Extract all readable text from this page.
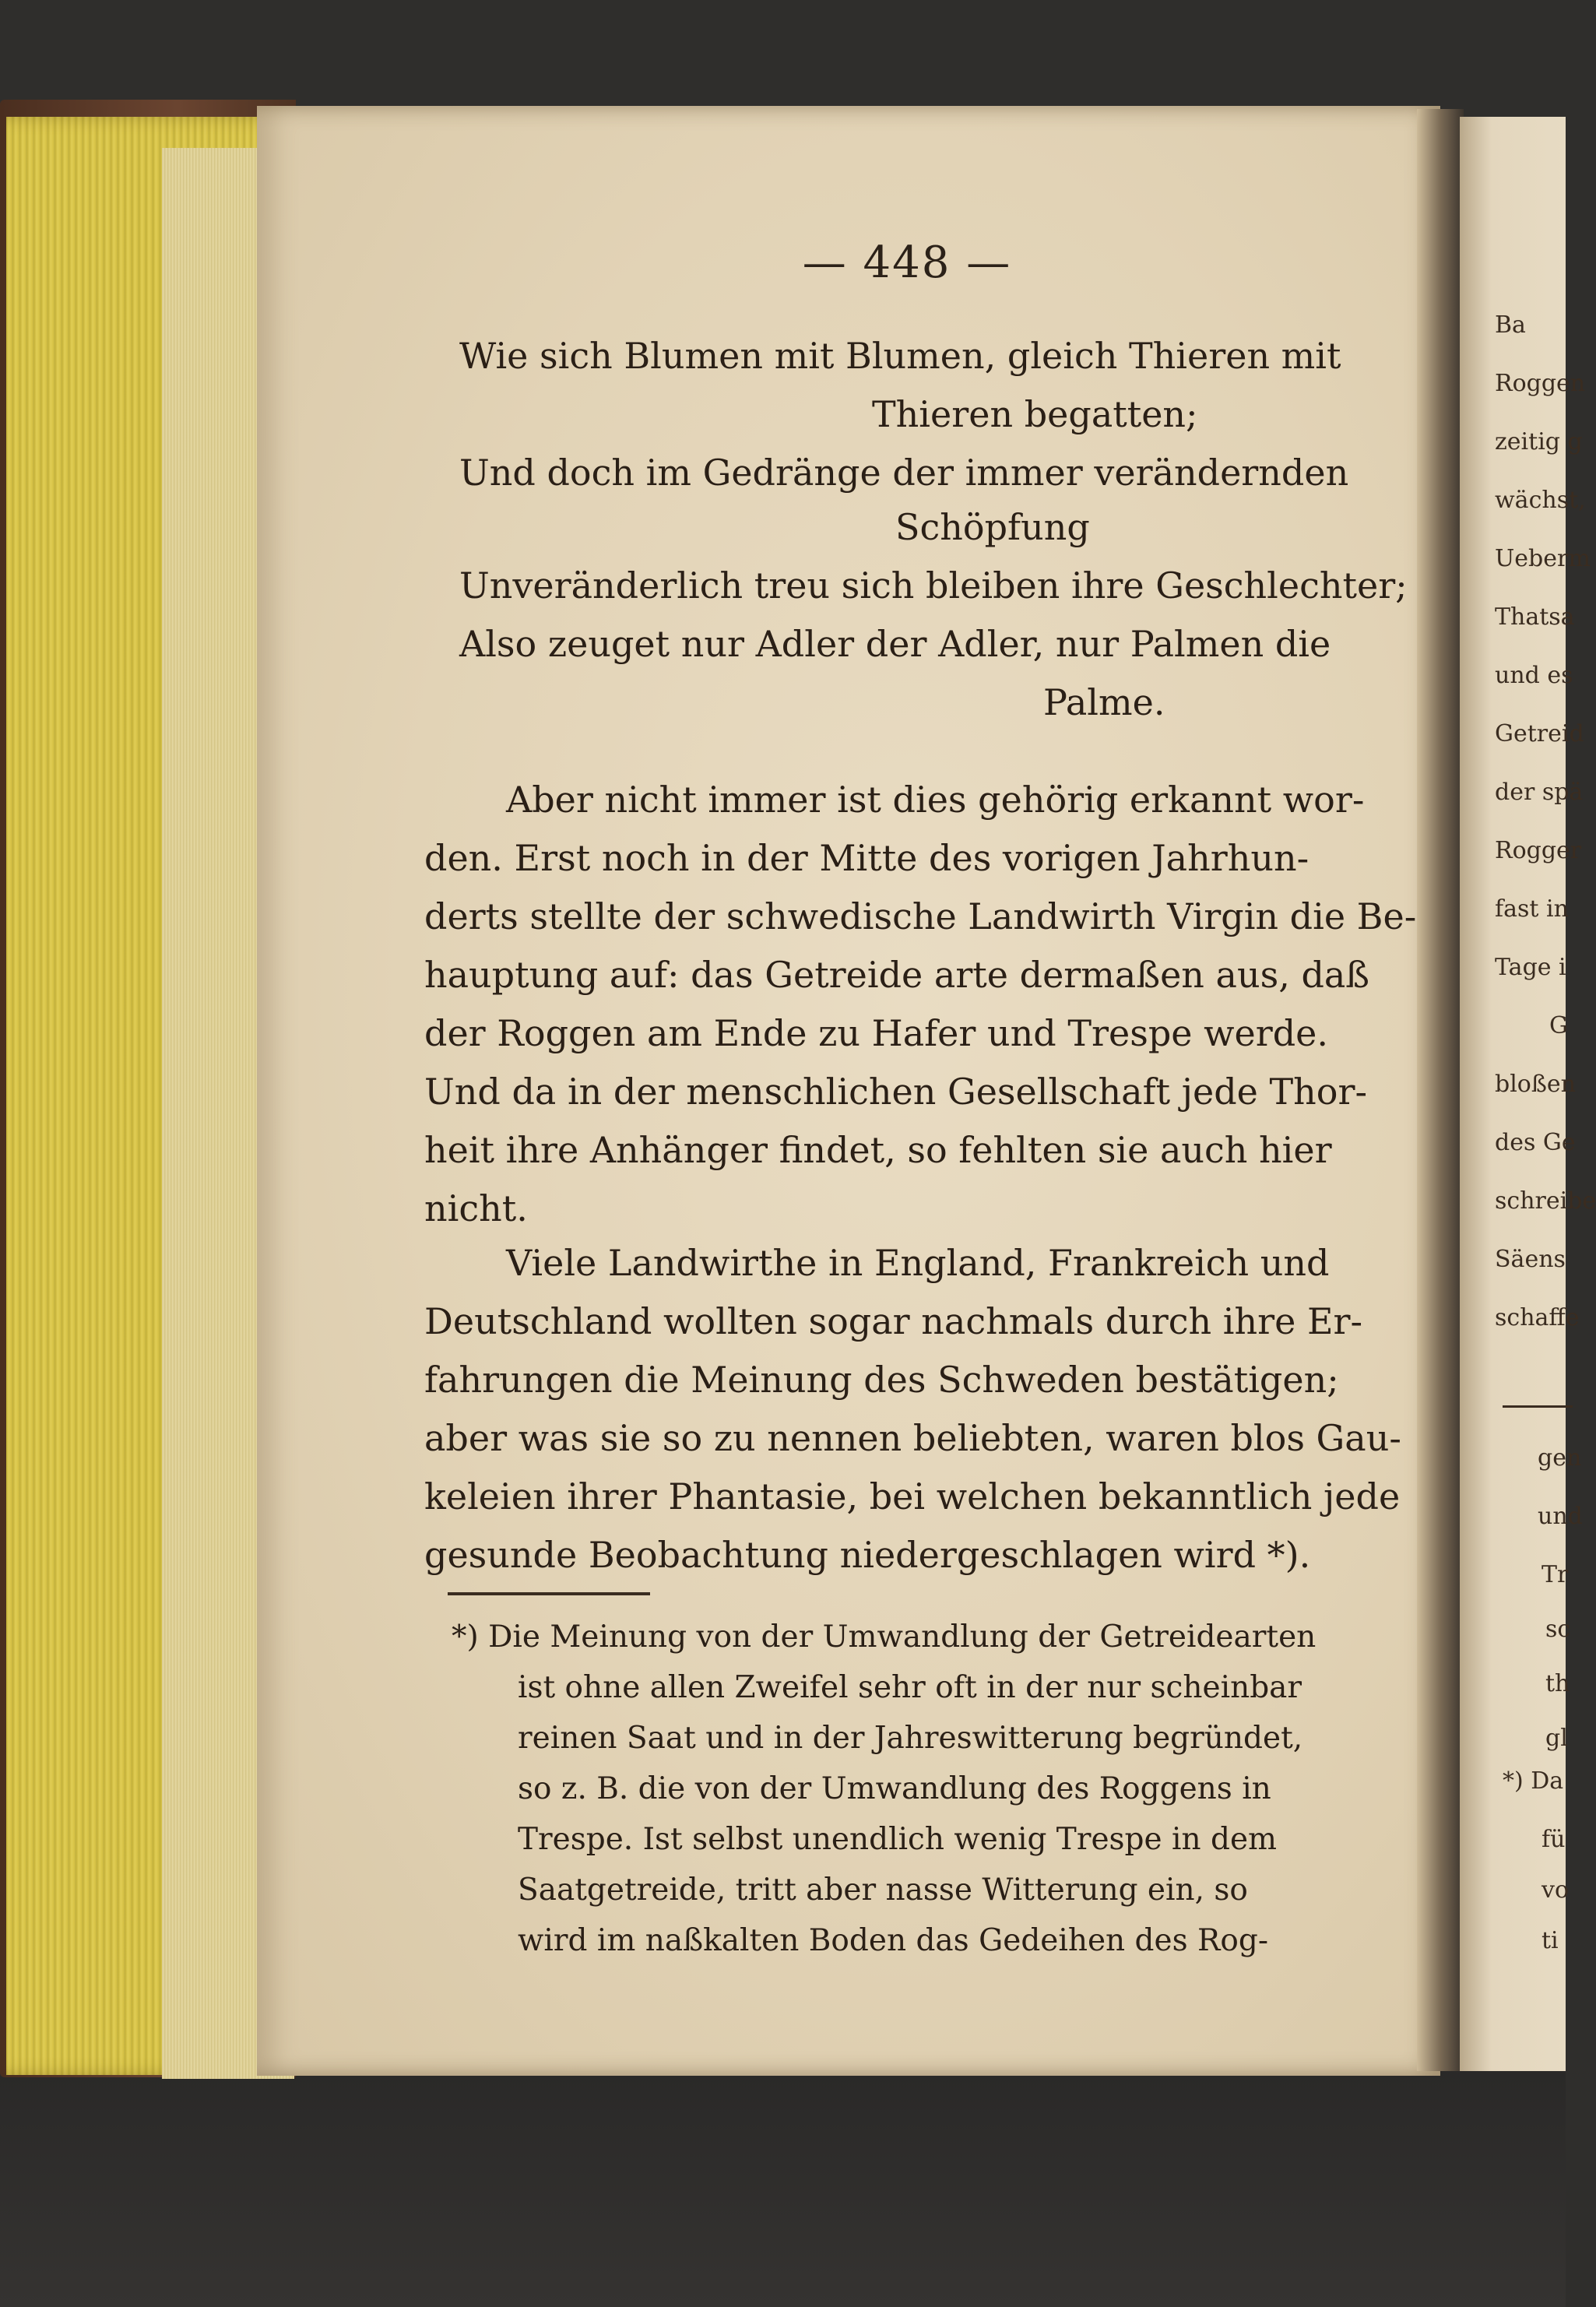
— 448 —
Wie sich Blumen mit Blumen, gleich Thieren mit
Thieren begatten;
Und doch im Gedränge der immer verändernden
Schöpfung
Unveränderlich treu sich bleiben ihre Geschlechter;
Also zeuget nur Adler der Adler, nur Palmen die
Palme.
Aber nicht immer ist dies gehörig erkannt wor-
den. Erst noch in der Mitte des vorigen Jahrhun-
derts stellte der schwedische Landwirth Virgin die Be-
hauptung auf: das Getreide arte dermaßen aus, daß
der Roggen am Ende zu Hafer und Trespe werde.
Und da in der menschlichen Gesellschaft jede Thor-
heit ihre Anhänger findet, so fehlten sie auch hier
nicht.
Viele Landwirthe in England, Frankreich und
Deutschland wollten sogar nachmals durch ihre Er-
fahrungen die Meinung des Schweden bestätigen;
aber was sie so zu nennen beliebten, waren blos Gau-
keleien ihrer Phantasie, bei welchen bekanntlich jede
gesunde Beobachtung niedergeschlagen wird *).
*) Die Meinung von der Umwandlung der Getreidearten
ist ohne allen Zweifel sehr oft in der nur scheinbar
reinen Saat und in der Jahreswitterung begründet,
so z. B. die von der Umwandlung des Roggens in
Trespe. Ist selbst unendlich wenig Trespe in dem
Saatgetreide, tritt aber nasse Witterung ein, so
wird im naßkalten Boden das Gedeihen des Rog-
Ba
Roggen
zeitig g
wächst,
Ueberm
Thatsa
und es
Getreid
der spä
Rogger
fast in
Tage i
G
bloßen
des Ge
schreibe
Säens
schaffe
gen
und
Tr
sc
th
gl
*) Da
fü
vo
ti
